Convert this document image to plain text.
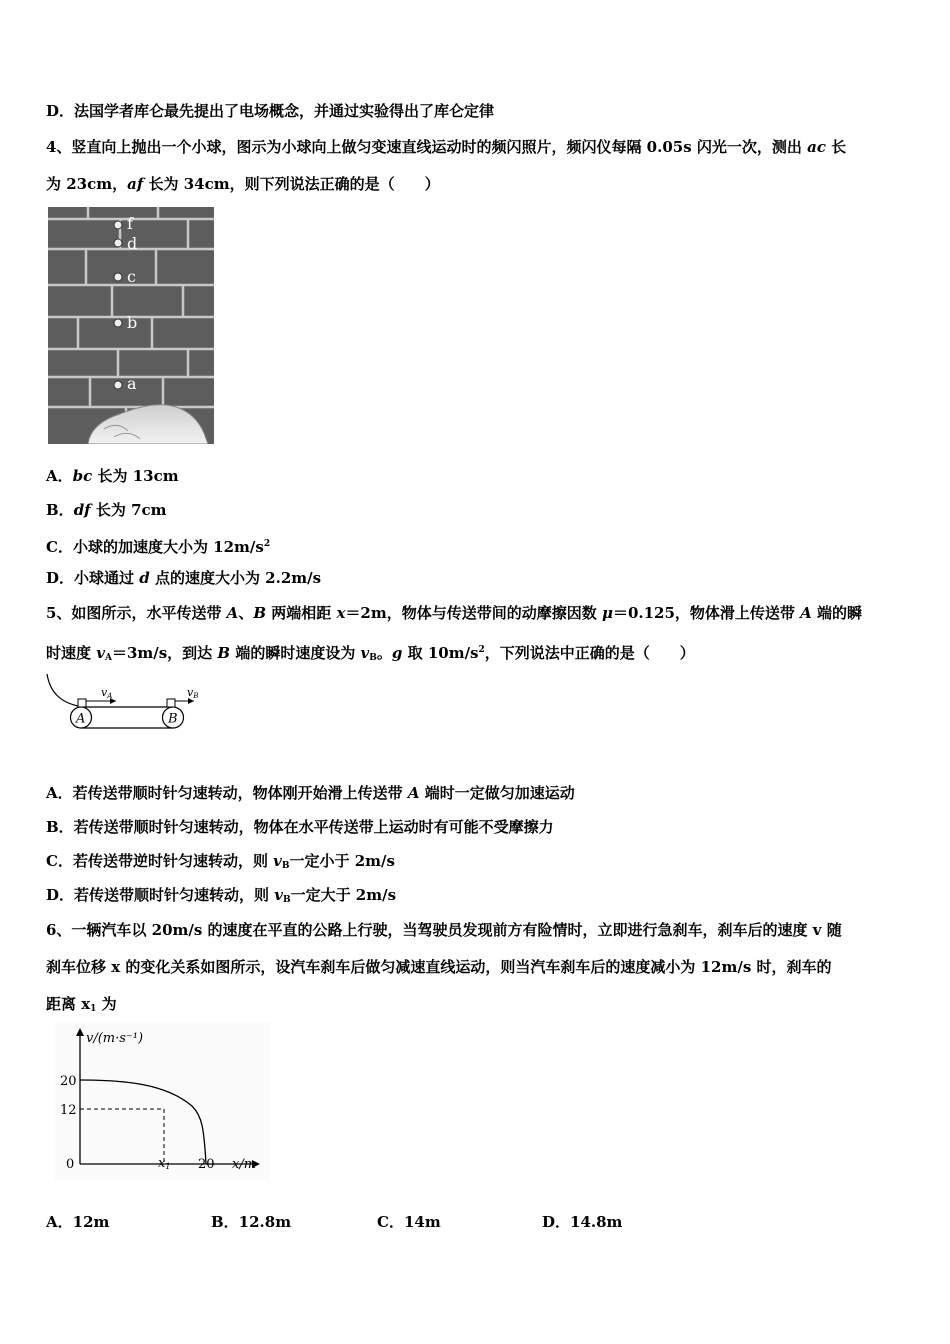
D．法国学者库仑最先提出了电场概念，并通过实验得出了库仑定律
4、竖直向上抛出一个小球，图示为小球向上做匀变速直线运动时的频闪照片，频闪仪每隔 0.05s 闪光一次，测出 ac 长
为 23cm，af 长为 34cm，则下列说法正确的是（　　）
f
d
c
b
a
A．bc 长为 13cm
B．df 长为 7cm
C．小球的加速度大小为 $12m/s^2$
D．小球通过 d 点的速度大小为 2.2m/s
5、如图所示，水平传送带 A、B 两端相距 x＝2m，物体与传送带间的动摩擦因数 μ＝0.125，物体滑上传送带 A 端的瞬
时速度 $v_A=3m/s$，到达 B 端的瞬时速度设为 $v_B$。g 取 $10m/s^2$，下列说法中正确的是（　　）
A	B
vA	vB
A．若传送带顺时针匀速转动，物体刚开始滑上传送带 A 端时一定做匀加速运动
B．若传送带顺时针匀速转动，物体在水平传送带上运动时有可能不受摩擦力
C．若传送带逆时针匀速转动，则 $v_B$一定小于 2m/s
D．若传送带顺时针匀速转动，则 $v_B$一定大于 2m/s
6、一辆汽车以 20m/s 的速度在平直的公路上行驶，当驾驶员发现前方有险情时，立即进行急刹车，刹车后的速度 v 随
刹车位移 x 的变化关系如图所示，设汽车刹车后做匀减速直线运动，则当汽车刹车后的速度减小为 12m/s 时，刹车的
距离 $x_1$ 为
v/(m·s⁻¹)
20
12
0	x1 20 x/m
A．12m	B．12.8m	C．14m	D．14.8m
